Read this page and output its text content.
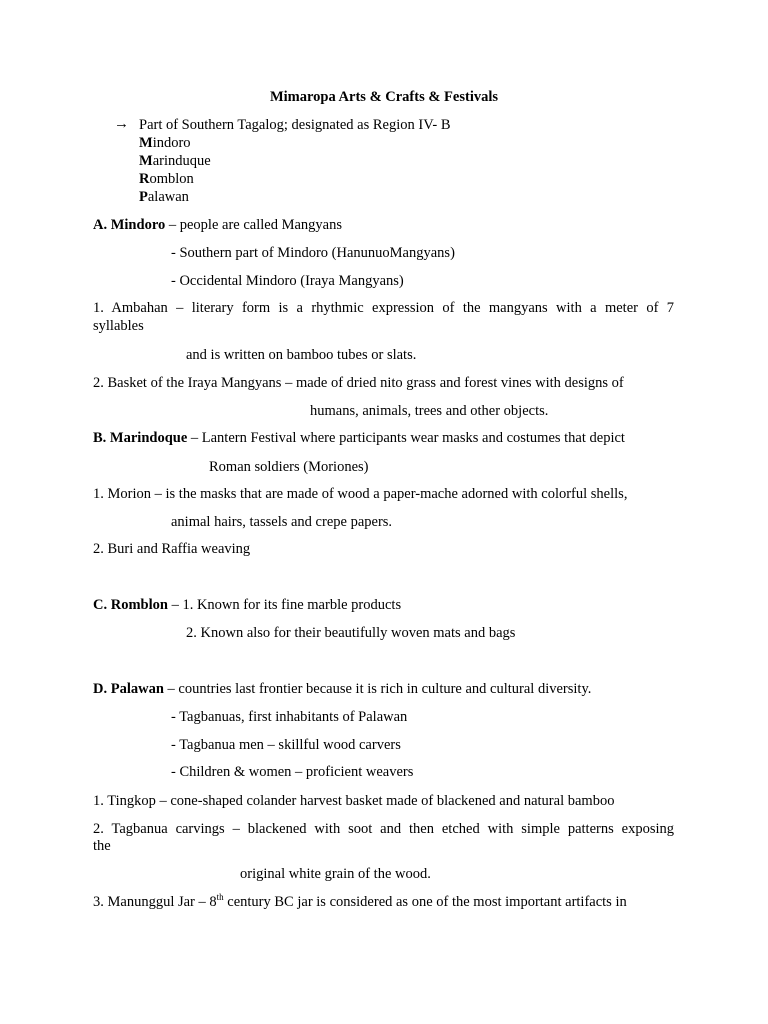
Mimaropa Arts & Crafts & Festivals
→ Part of Southern Tagalog; designated as Region IV- B
Mindoro
Marinduque
Romblon
Palawan
A. Mindoro – people are called Mangyans
- Southern part of Mindoro (HanunuoMangyans)
- Occidental Mindoro (Iraya Mangyans)
1. Ambahan – literary form is a rhythmic expression of the mangyans with a meter of 7
syllables
and is written on bamboo tubes or slats.
2. Basket of the Iraya Mangyans – made of dried nito grass and forest vines with designs of
humans, animals, trees and other objects.
B. Marindoque – Lantern Festival where participants wear masks and costumes that depict
Roman soldiers (Moriones)
1. Morion – is the masks that are made of wood a paper-mache adorned with colorful shells,
animal hairs, tassels and crepe papers.
2. Buri and Raffia weaving
C. Romblon – 1. Known for its fine marble products
2. Known also for their beautifully woven mats and bags
D. Palawan – countries last frontier because it is rich in culture and cultural diversity.
- Tagbanuas, first inhabitants of Palawan
- Tagbanua men – skillful wood carvers
- Children & women – proficient weavers
1. Tingkop – cone-shaped colander harvest basket made of blackened and natural bamboo
2. Tagbanua carvings – blackened with soot and then etched with simple patterns exposing
the
original white grain of the wood.
3. Manunggul Jar – 8th century BC jar is considered as one of the most important artifacts in
